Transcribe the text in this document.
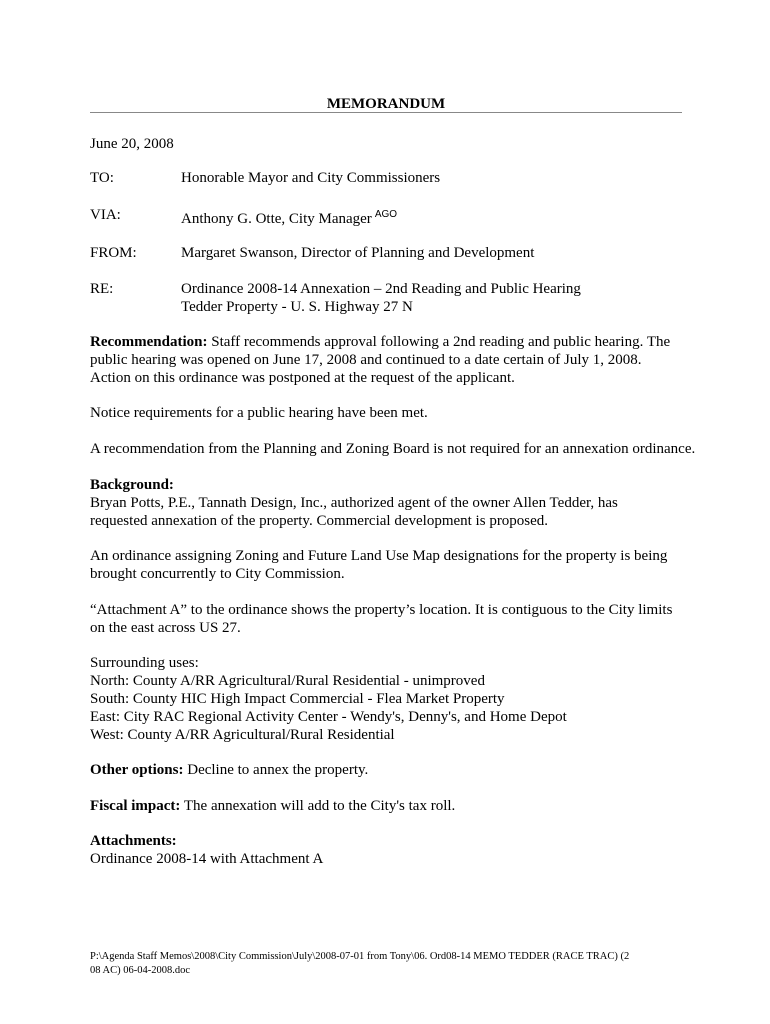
MEMORANDUM
June 20, 2008
TO:	Honorable Mayor and City Commissioners
VIA:	Anthony G. Otte, City Manager $^{AGO}$
FROM:	Margaret Swanson, Director of Planning and Development
RE:	Ordinance 2008-14 Annexation – 2nd Reading and Public Hearing
Tedder Property - U. S. Highway 27 N
Recommendation: Staff recommends approval following a 2nd reading and public hearing. The
public hearing was opened on June 17, 2008 and continued to a date certain of July 1, 2008.
Action on this ordinance was postponed at the request of the applicant.
Notice requirements for a public hearing have been met.
A recommendation from the Planning and Zoning Board is not required for an annexation ordinance.
Background:
Bryan Potts, P.E., Tannath Design, Inc., authorized agent of the owner Allen Tedder, has
requested annexation of the property. Commercial development is proposed.
An ordinance assigning Zoning and Future Land Use Map designations for the property is being
brought concurrently to City Commission.
“Attachment A” to the ordinance shows the property’s location. It is contiguous to the City limits
on the east across US 27.
Surrounding uses:
North: County A/RR Agricultural/Rural Residential - unimproved
South: County HIC High Impact Commercial - Flea Market Property
East: City RAC Regional Activity Center - Wendy's, Denny's, and Home Depot
West: County A/RR Agricultural/Rural Residential
Other options: Decline to annex the property.
Fiscal impact: The annexation will add to the City's tax roll.
Attachments:
Ordinance 2008-14 with Attachment A
P:\Agenda Staff Memos\2008\City Commission\July\2008-07-01 from Tony\06. Ord08-14 MEMO TEDDER (RACE TRAC) (2
08 AC) 06-04-2008.doc
